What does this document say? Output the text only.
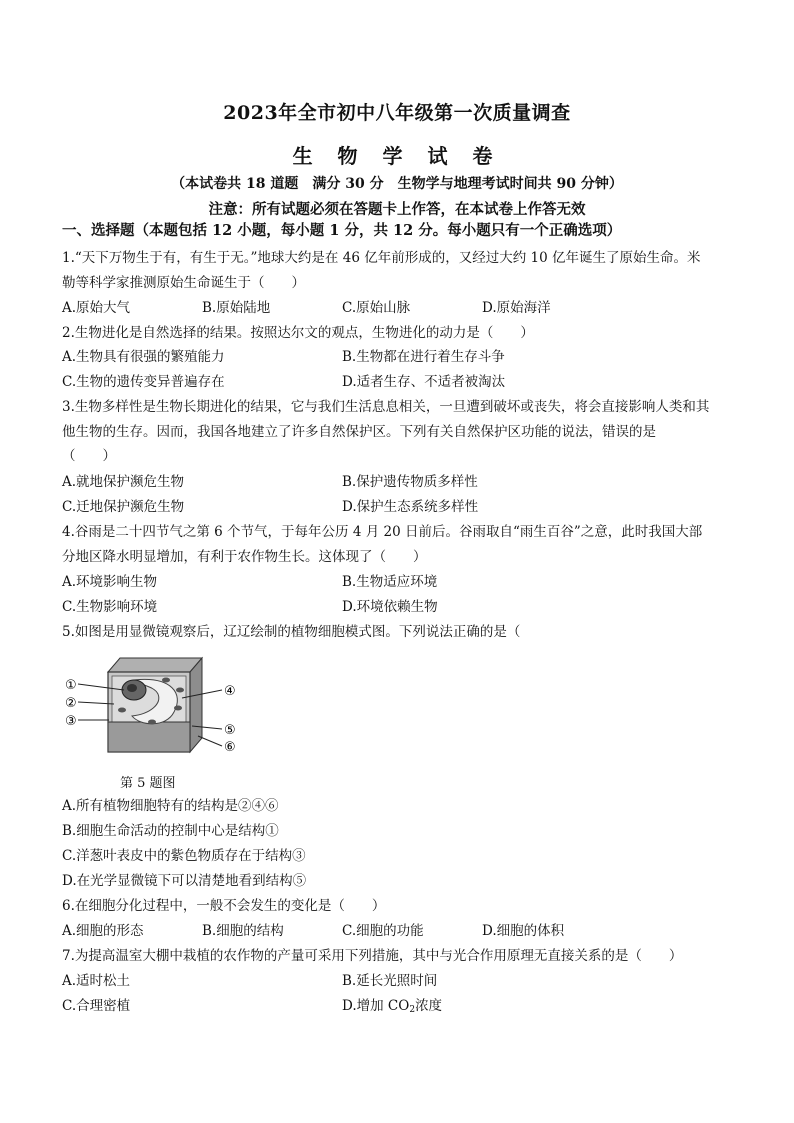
2023年全市初中八年级第一次质量调查
生 物 学 试 卷
（本试卷共 18 道题　满分 30 分　生物学与地理考试时间共 90 分钟）
注意：所有试题必须在答题卡上作答，在本试卷上作答无效
一、选择题（本题包括 12 小题，每小题 1 分，共 12 分。每小题只有一个正确选项）
1.“天下万物生于有，有生于无。”地球大约是在 46 亿年前形成的，又经过大约 10 亿年诞生了原始生命。米
勒等科学家推测原始生命诞生于（　　）
A.原始大气	B.原始陆地	C.原始山脉	D.原始海洋
2.生物进化是自然选择的结果。按照达尔文的观点，生物进化的动力是（　　）
A.生物具有很强的繁殖能力	B.生物都在进行着生存斗争
C.生物的遗传变异普遍存在	D.适者生存、不适者被淘汰
3.生物多样性是生物长期进化的结果，它与我们生活息息相关，一旦遭到破坏或丧失，将会直接影响人类和其
他生物的生存。因而，我国各地建立了许多自然保护区。下列有关自然保护区功能的说法，错误的是
（　　）
A.就地保护濒危生物	B.保护遗传物质多样性
C.迁地保护濒危生物	D.保护生态系统多样性
4.谷雨是二十四节气之第 6 个节气，于每年公历 4 月 20 日前后。谷雨取自“雨生百谷”之意，此时我国大部
分地区降水明显增加，有利于农作物生长。这体现了（　　）
A.环境影响生物	B.生物适应环境
C.生物影响环境	D.环境依赖生物
5.如图是用显微镜观察后，辽辽绘制的植物细胞模式图。下列说法正确的是（
①
②
③
④
⑤
⑥
第 5 题图
A.所有植物细胞特有的结构是②④⑥
B.细胞生命活动的控制中心是结构①
C.洋葱叶表皮中的紫色物质存在于结构③
D.在光学显微镜下可以清楚地看到结构⑤
6.在细胞分化过程中，一般不会发生的变化是（　　）
A.细胞的形态	B.细胞的结构	C.细胞的功能	D.细胞的体积
7.为提高温室大棚中栽植的农作物的产量可采用下列措施，其中与光合作用原理无直接关系的是（　　）
A.适时松土	B.延长光照时间
C.合理密植	D.增加 $CO_2$浓度
